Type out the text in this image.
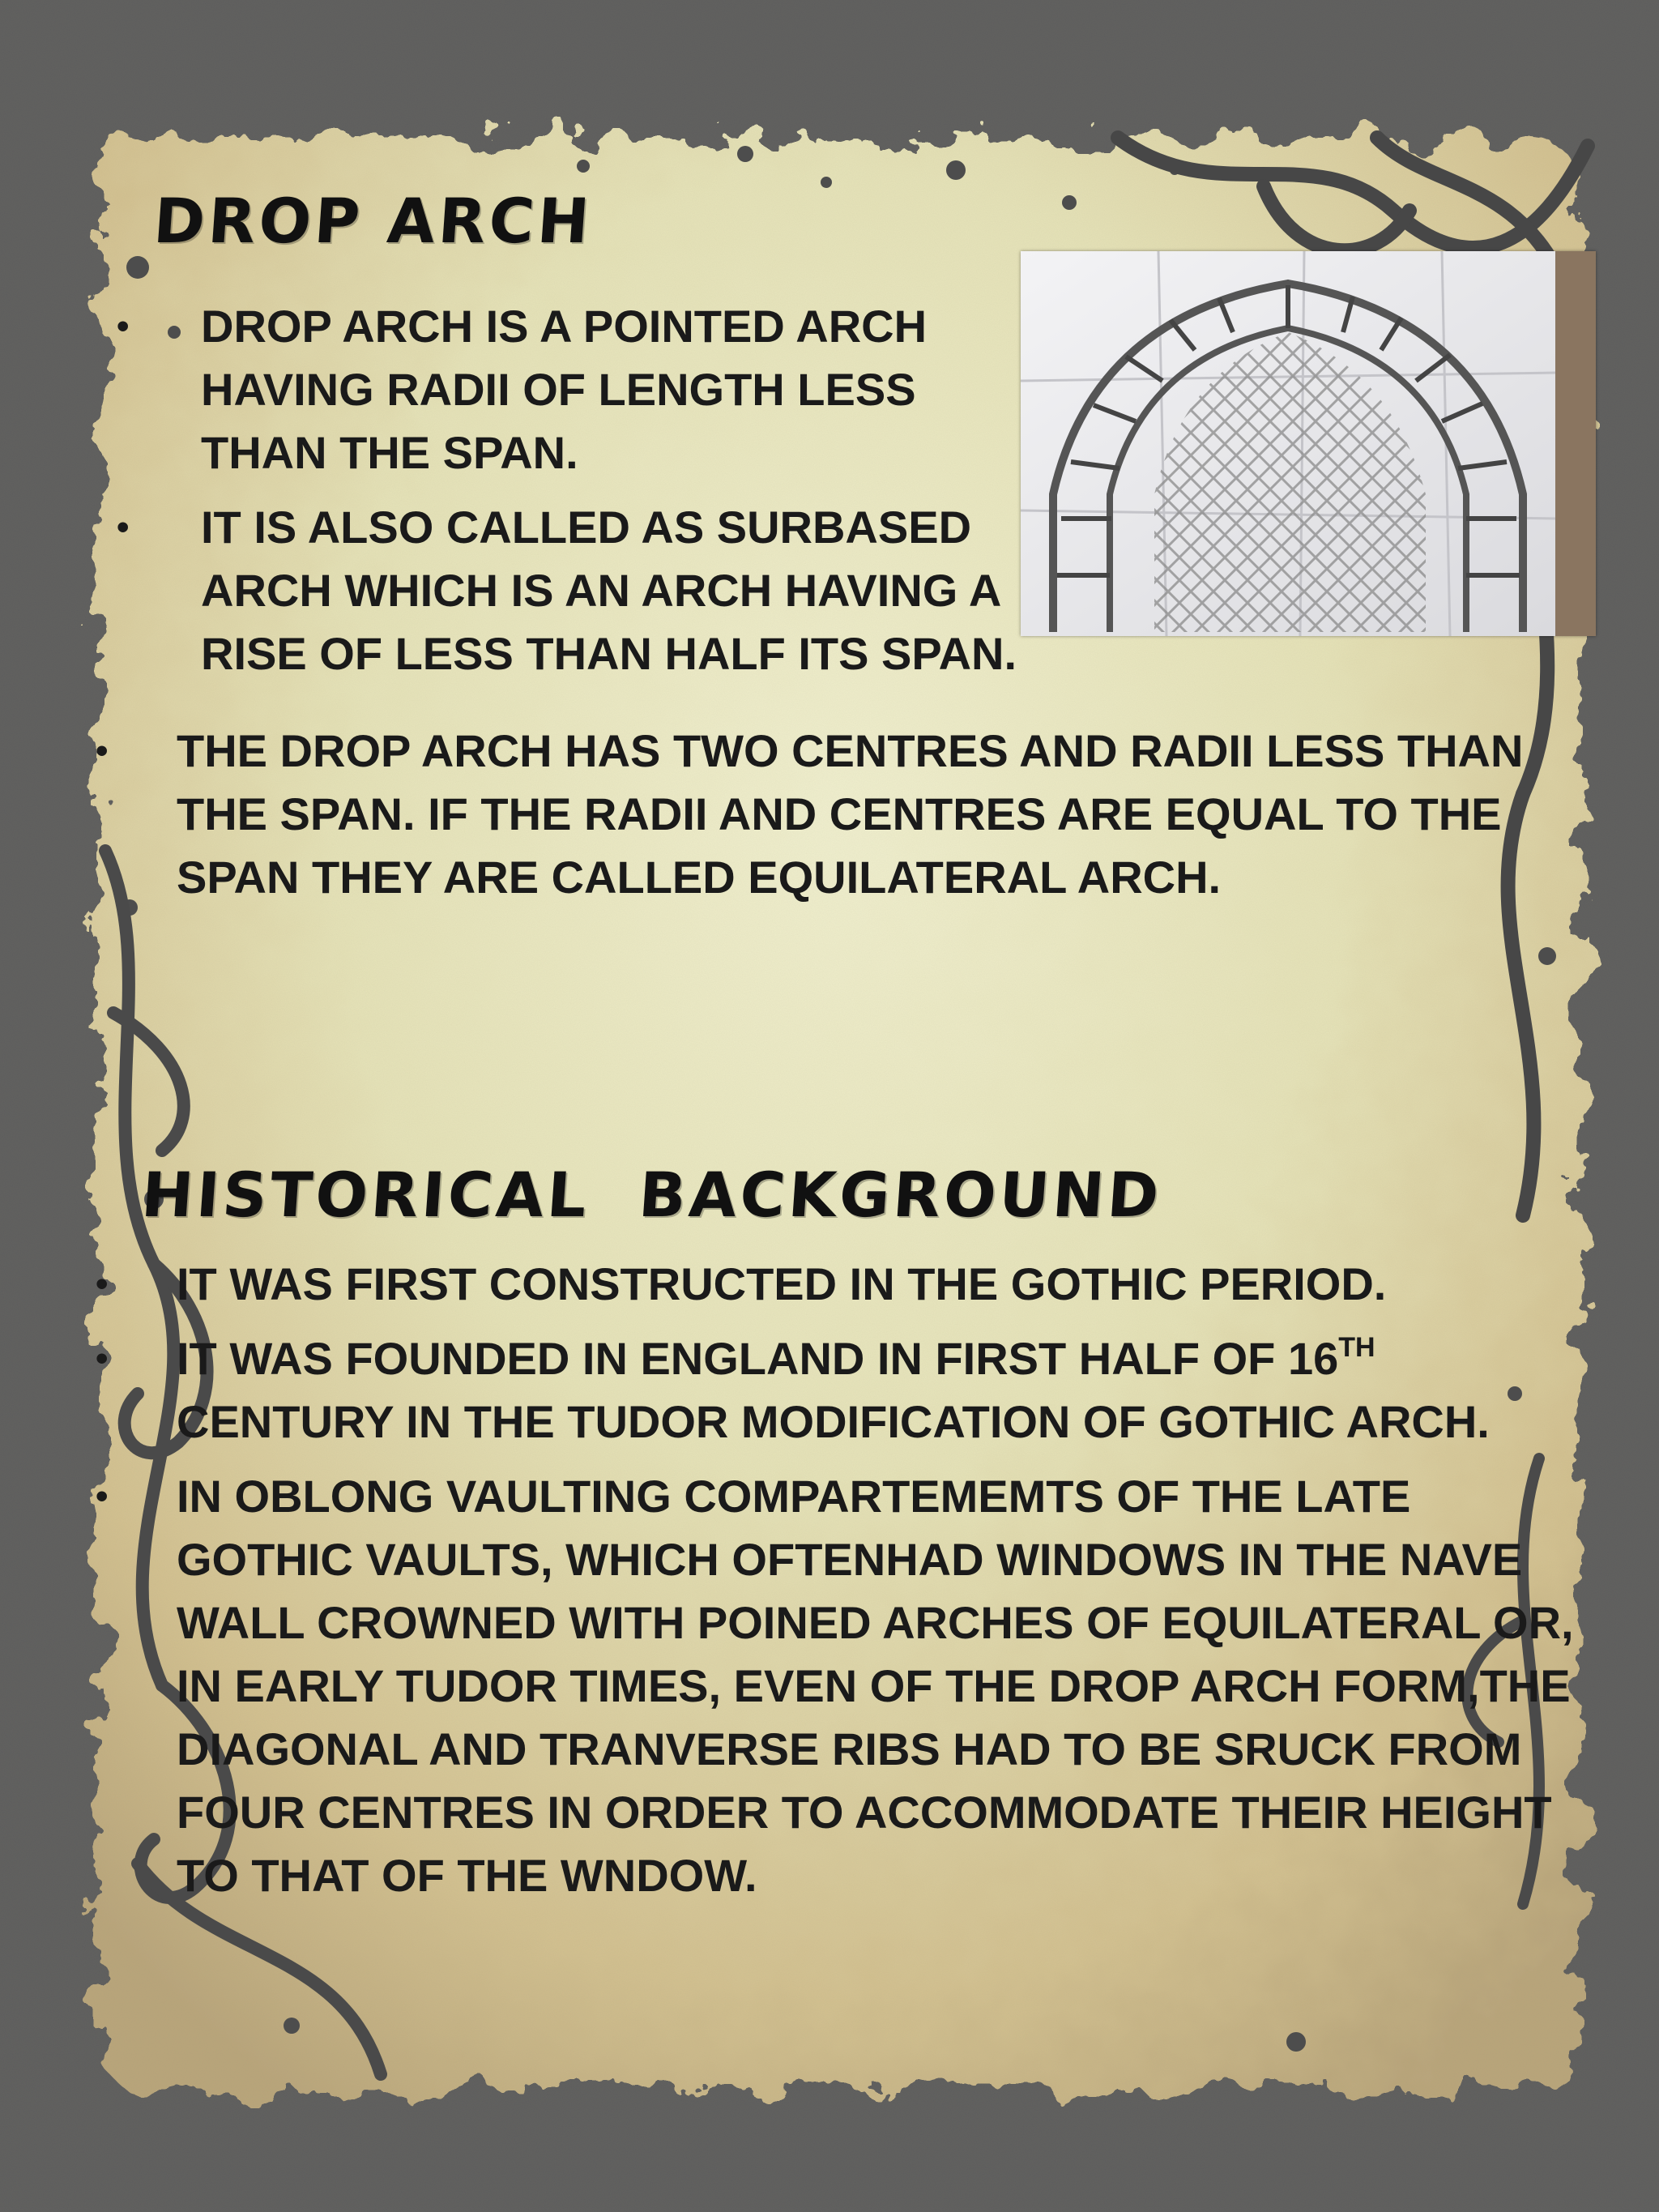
DROP ARCH
• DROP ARCH IS A POINTED ARCH HAVING RADII OF LENGTH LESS THAN THE SPAN.
• IT IS ALSO CALLED AS SURBASED ARCH WHICH IS AN ARCH HAVING A RISE OF LESS THAN HALF ITS SPAN.
• THE DROP ARCH HAS TWO CENTRES AND RADII LESS THAN THE SPAN. IF THE RADII AND CENTRES ARE EQUAL TO THE SPAN THEY ARE CALLED EQUILATERAL ARCH.
HISTORICAL  BACKGROUND
• IT WAS FIRST CONSTRUCTED IN THE GOTHIC PERIOD.
• IT WAS FOUNDED IN ENGLAND IN FIRST HALF OF 16TH CENTURY IN THE TUDOR MODIFICATION OF GOTHIC ARCH.
• IN OBLONG VAULTING COMPARTEMEMTS OF THE LATE GOTHIC VAULTS, WHICH OFTENHAD WINDOWS IN THE NAVE WALL CROWNED WITH POINED ARCHES OF EQUILATERAL OR, IN EARLY TUDOR TIMES, EVEN OF THE DROP ARCH FORM,THE DIAGONAL AND TRANVERSE RIBS HAD TO BE SRUCK FROM FOUR CENTRES IN ORDER TO ACCOMMODATE THEIR HEIGHT TO THAT OF THE WNDOW.
